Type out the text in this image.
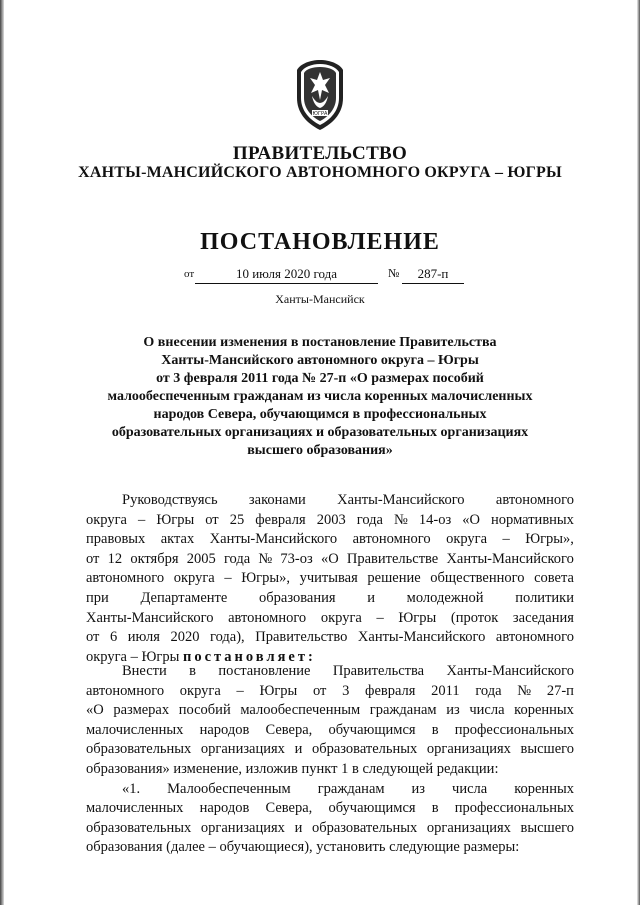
ЮГРА
ПРАВИТЕЛЬСТВО
ХАНТЫ-МАНСИЙСКОГО АВТОНОМНОГО ОКРУГА – ЮГРЫ
ПОСТАНОВЛЕНИЕ
от	10 июля 2020 года	№	287-п
Ханты-Мансийск
О внесении изменения в постановление Правительства
Ханты-Мансийского автономного округа – Югры
от 3 февраля 2011 года № 27-п «О размерах пособий
малообеспеченным гражданам из числа коренных малочисленных
народов Севера, обучающимся в профессиональных
образовательных организациях и образовательных организациях
высшего образования»
Руководствуясь законами Ханты-Мансийского автономного
округа – Югры от 25 февраля 2003 года № 14-оз «О нормативных
правовых актах Ханты-Мансийского автономного округа – Югры»,
от 12 октября 2005 года № 73-оз «О Правительстве Ханты-Мансийского
автономного округа – Югры», учитывая решение общественного совета
при Департаменте образования и молодежной политики
Ханты-Мансийского автономного округа – Югры (проток заседания
от 6 июля 2020 года), Правительство Ханты-Мансийского автономного
округа – Югры постановляет:
Внести в постановление Правительства Ханты-Мансийского
автономного округа – Югры от 3 февраля 2011 года № 27-п
«О размерах пособий малообеспеченным гражданам из числа коренных
малочисленных народов Севера, обучающимся в профессиональных
образовательных организациях и образовательных организациях высшего
образования» изменение, изложив пункт 1 в следующей редакции:
«1. Малообеспеченным гражданам из числа коренных
малочисленных народов Севера, обучающимся в профессиональных
образовательных организациях и образовательных организациях высшего
образования (далее – обучающиеся), установить следующие размеры:
